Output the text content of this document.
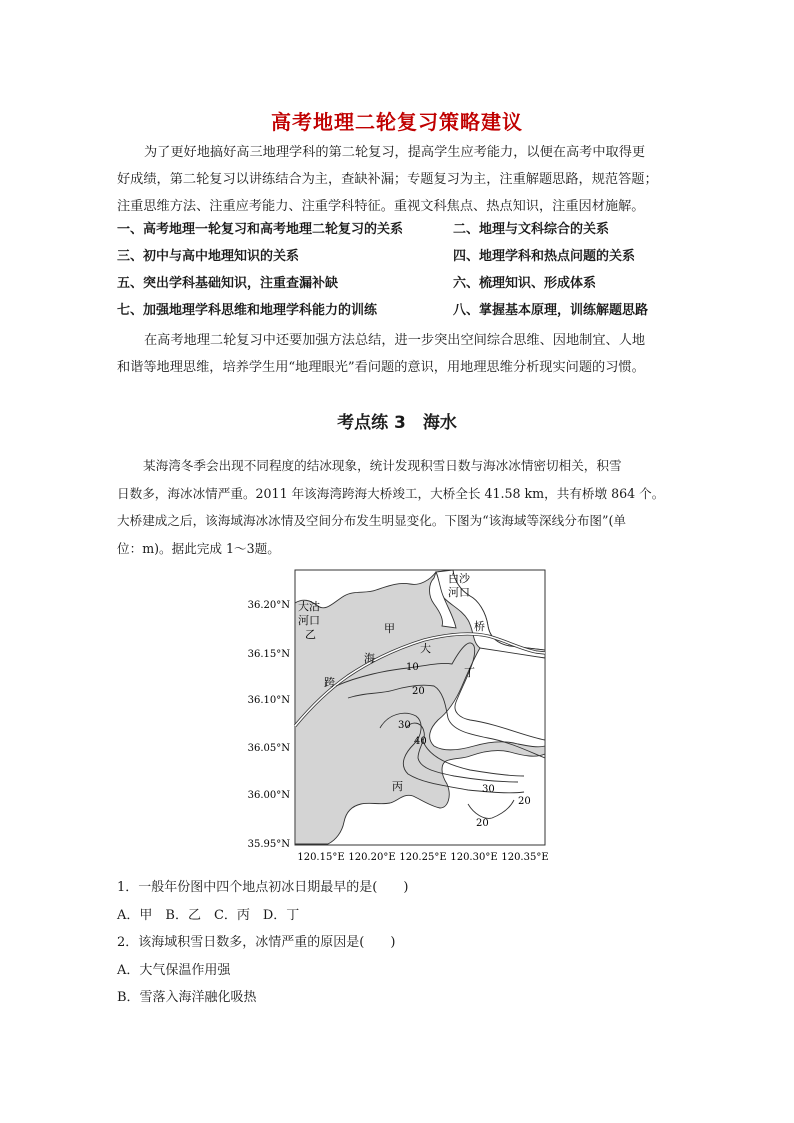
高考地理二轮复习策略建议
为了更好地搞好高三地理学科的第二轮复习，提高学生应考能力，以便在高考中取得更
好成绩，第二轮复习以讲练结合为主，查缺补漏；专题复习为主，注重解题思路，规范答题；
注重思维方法、注重应考能力、注重学科特征。重视文科焦点、热点知识，注重因材施解。
一、高考地理一轮复习和高考地理二轮复习的关系	二、地理与文科综合的关系
三、初中与高中地理知识的关系	四、地理学科和热点问题的关系
五、突出学科基础知识，注重查漏补缺	六、梳理知识、形成体系
七、加强地理学科思维和地理学科能力的训练	八、掌握基本原理，训练解题思路
在高考地理二轮复习中还要加强方法总结，进一步突出空间综合思维、因地制宜、人地
和谐等地理思维，培养学生用“地理眼光”看问题的意识，用地理思维分析现实问题的习惯。
考点练 3　海水
某海湾冬季会出现不同程度的结冰现象，统计发现积雪日数与海冰冰情密切相关，积雪
日数多，海冰冰情严重。2011 年该海湾跨海大桥竣工，大桥全长 41.58 km，共有桥墩 864 个。
大桥建成之后，该海域海冰冰情及空间分布发生明显变化。下图为“该海域等深线分布图”(单
位：m)。据此完成 1～3题。
36.20°N
36.15°N
36.10°N
36.05°N
36.00°N
35.95°N
120.15°E 120.20°E 120.25°E 120.30°E 120.35°E
大沽
河口
乙
白沙
河口
甲	桥
大
海
跨
丁
丙
10
20
30
40
30
20
20
1．一般年份图中四个地点初冰日期最早的是(　　)
A．甲　B．乙　C．丙　D．丁
2．该海域积雪日数多，冰情严重的原因是(　　)
A．大气保温作用强
B．雪落入海洋融化吸热
